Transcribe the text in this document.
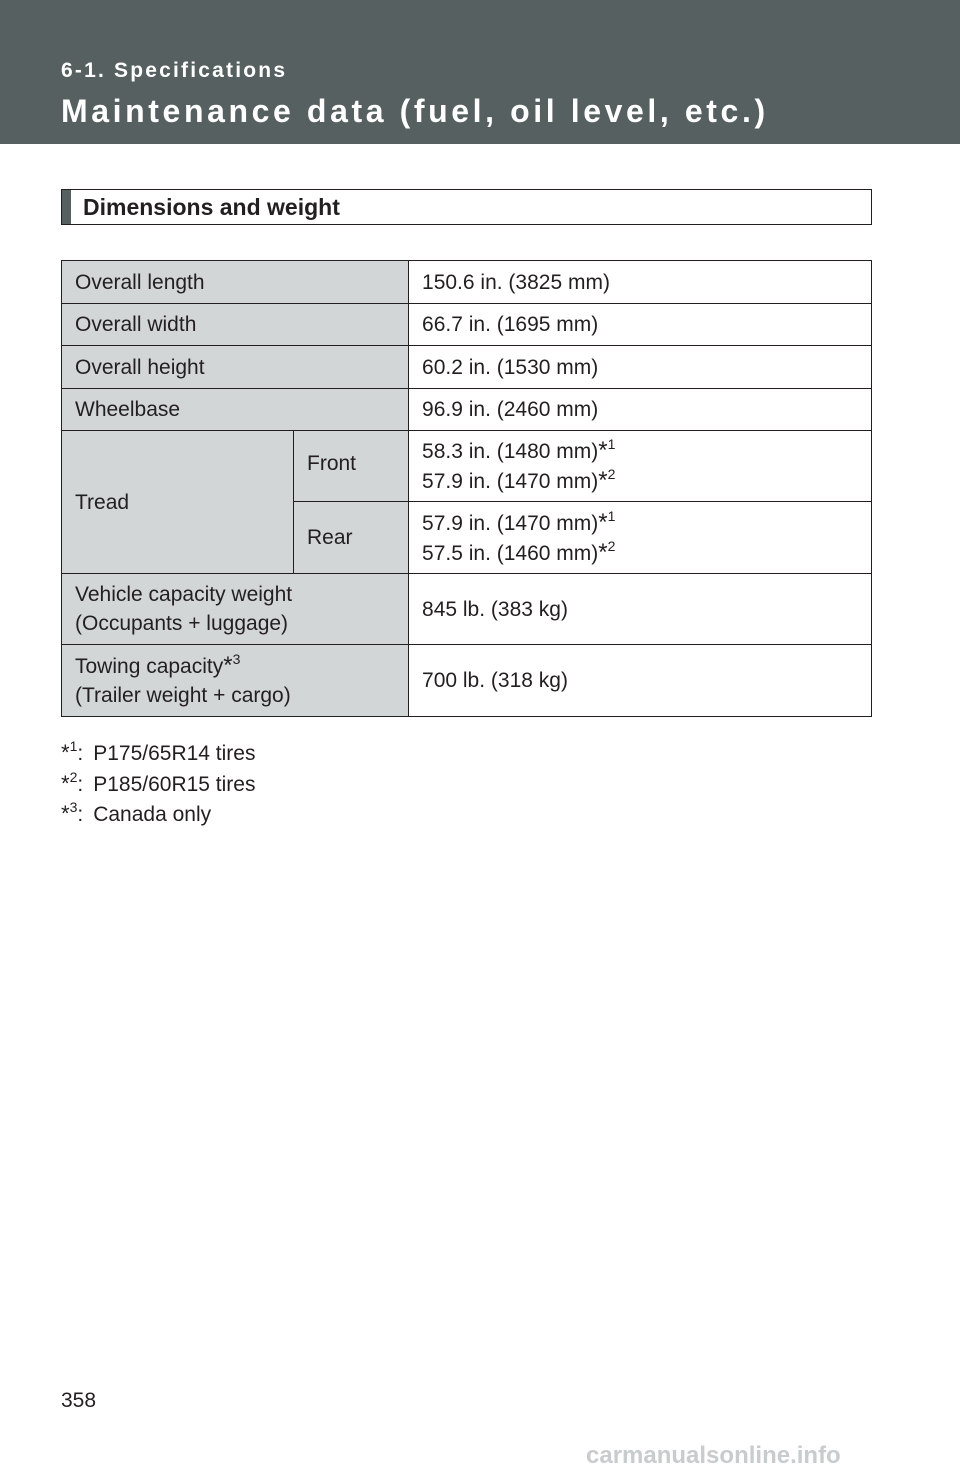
6-1. Specifications
Maintenance data (fuel, oil level, etc.)
Dimensions and weight
Overall length		150.6 in. (3825 mm)
Overall width		66.7 in. (1695 mm)
Overall height		60.2 in. (1530 mm)
Wheelbase		96.9 in. (2460 mm)
Tread	Front	58.3 in. (1480 mm)*$^1$
57.9 in. (1470 mm)*$^2$

	Rear	57.9 in. (1470 mm)*$^1$
57.5 in. (1460 mm)*$^2$

Vehicle capacity weight
(Occupants + luggage)		845 lb. (383 kg)

Towing capacity*$^3$
(Trailer weight + cargo)		700 lb. (318 kg)
*$^1$: P175/65R14 tires
*$^2$: P185/60R15 tires
*$^3$: Canada only
358
carmanualsonline.info
